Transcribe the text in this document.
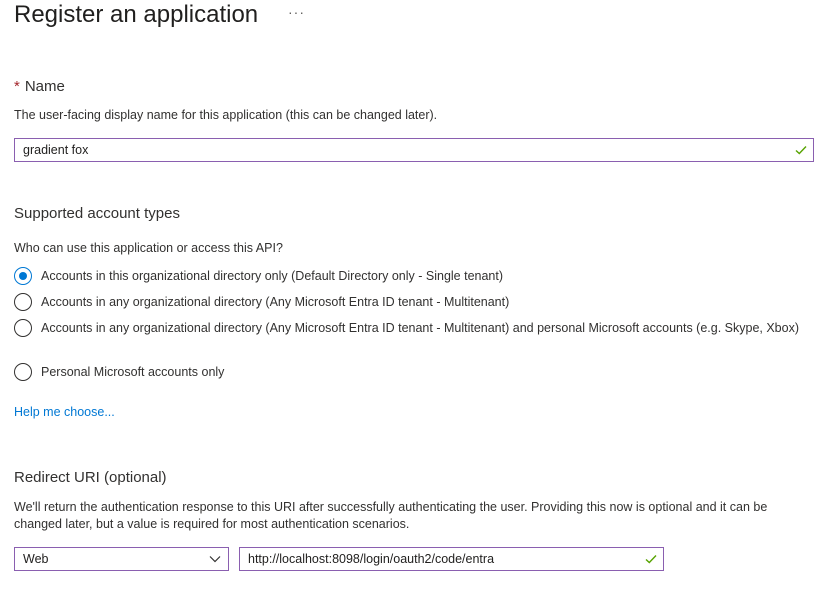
Register an application ···
* Name
The user-facing display name for this application (this can be changed later).
gradient fox
Supported account types
Who can use this application or access this API?
Accounts in this organizational directory only (Default Directory only - Single tenant)
Accounts in any organizational directory (Any Microsoft Entra ID tenant - Multitenant)
Accounts in any organizational directory (Any Microsoft Entra ID tenant - Multitenant) and personal Microsoft accounts (e.g. Skype, Xbox)
Personal Microsoft accounts only
Help me choose...
Redirect URI (optional)
We'll return the authentication response to this URI after successfully authenticating the user. Providing this now is optional and it can be changed later, but a value is required for most authentication scenarios.
Web	http://localhost:8098/login/oauth2/code/entra
